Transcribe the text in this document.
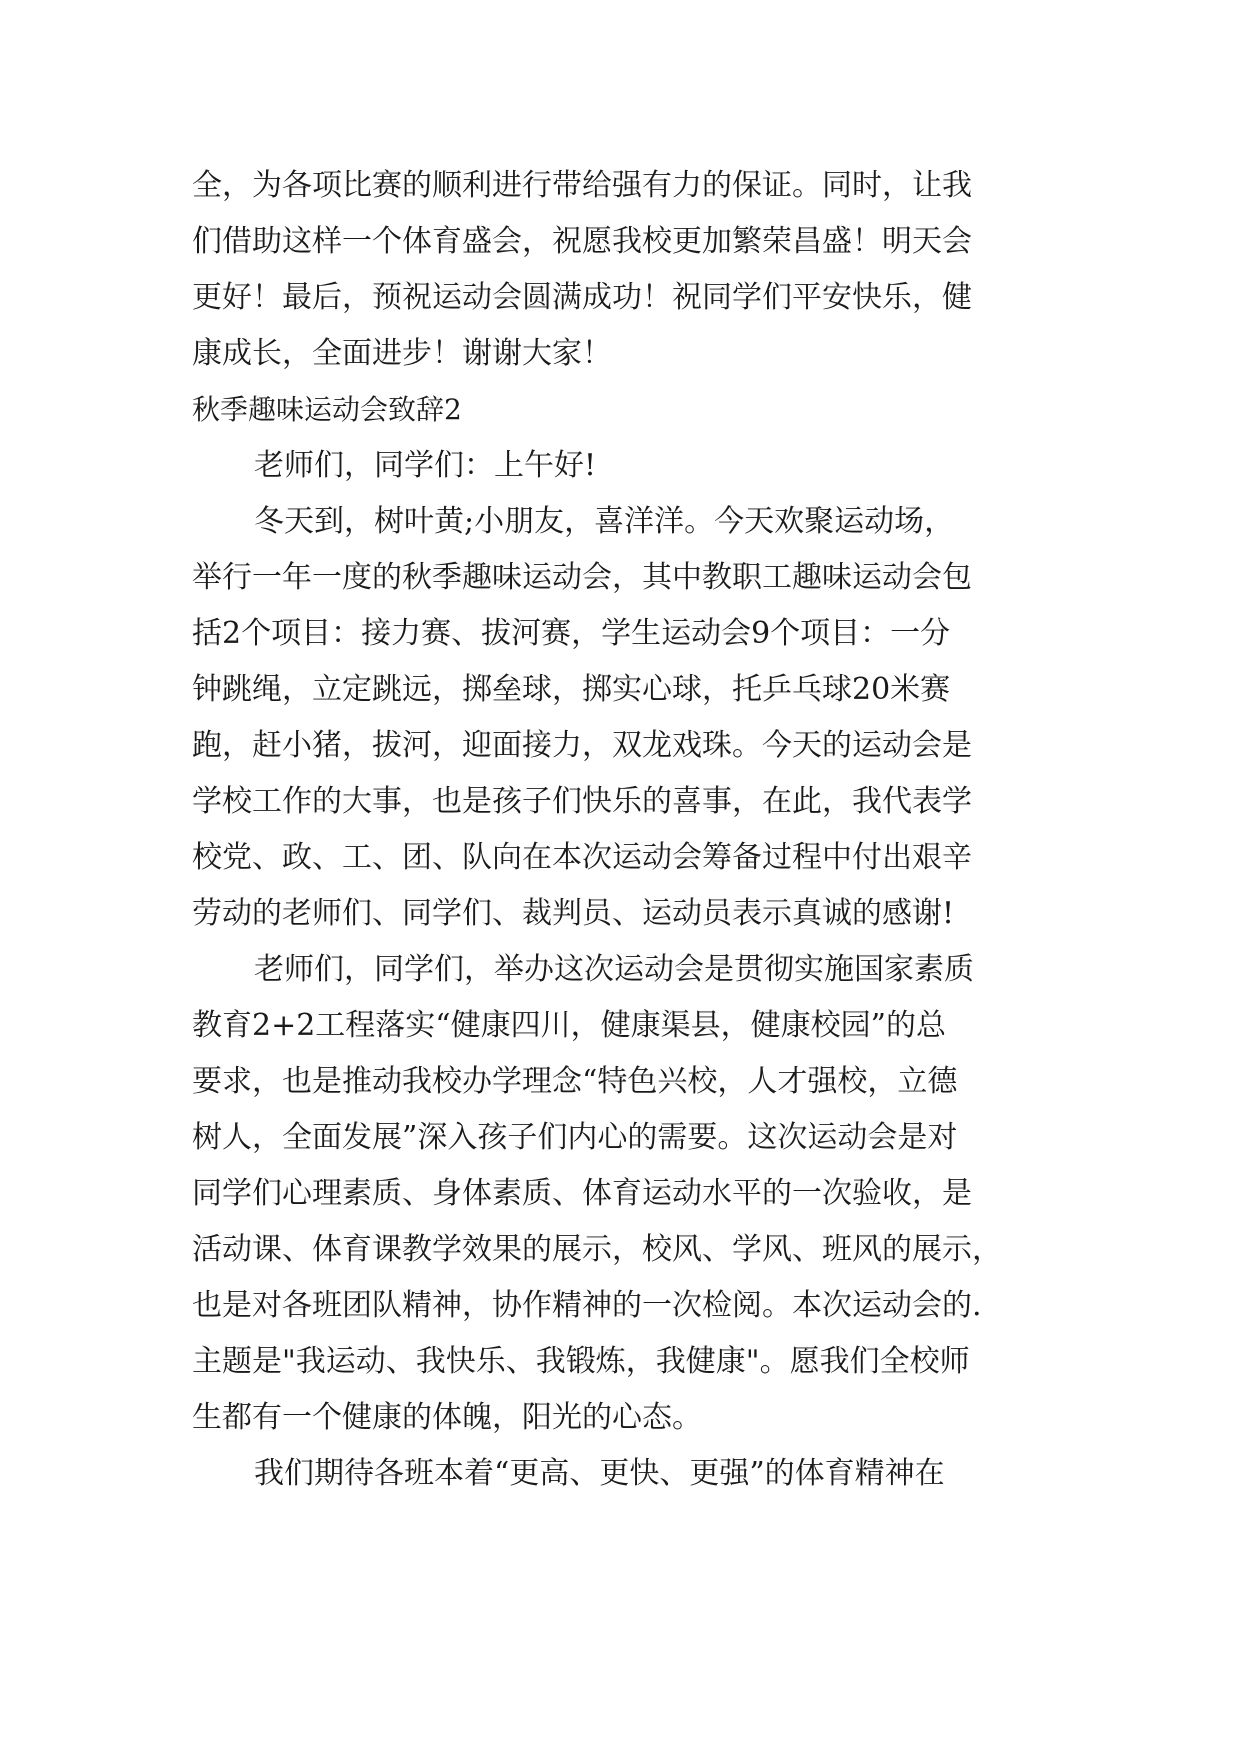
全，为各项比赛的顺利进行带给强有力的保证。同时，让我
们借助这样一个体育盛会，祝愿我校更加繁荣昌盛！明天会
更好！最后，预祝运动会圆满成功！祝同学们平安快乐，健
康成长，全面进步！谢谢大家！
秋季趣味运动会致辞2
老师们，同学们：上午好!
冬天到，树叶黄;小朋友，喜洋洋。今天欢聚运动场，
举行一年一度的秋季趣味运动会，其中教职工趣味运动会包
括2个项目：接力赛、拔河赛，学生运动会9个项目：一分
钟跳绳，立定跳远，掷垒球，掷实心球，托乒乓球20米赛
跑，赶小猪，拔河，迎面接力，双龙戏珠。今天的运动会是
学校工作的大事，也是孩子们快乐的喜事，在此，我代表学
校党、政、工、团、队向在本次运动会筹备过程中付出艰辛
劳动的老师们、同学们、裁判员、运动员表示真诚的感谢!
老师们，同学们，举办这次运动会是贯彻实施国家素质
教育2+2工程落实“健康四川，健康渠县，健康校园”的总
要求，也是推动我校办学理念“特色兴校，人才强校，立德
树人，全面发展”深入孩子们内心的需要。这次运动会是对
同学们心理素质、身体素质、体育运动水平的一次验收，是
活动课、体育课教学效果的展示，校风、学风、班风的展示，
也是对各班团队精神，协作精神的一次检阅。本次运动会的.
主题是"我运动、我快乐、我锻炼，我健康"。愿我们全校师
生都有一个健康的体魄，阳光的心态。
我们期待各班本着“更高、更快、更强”的体育精神在
